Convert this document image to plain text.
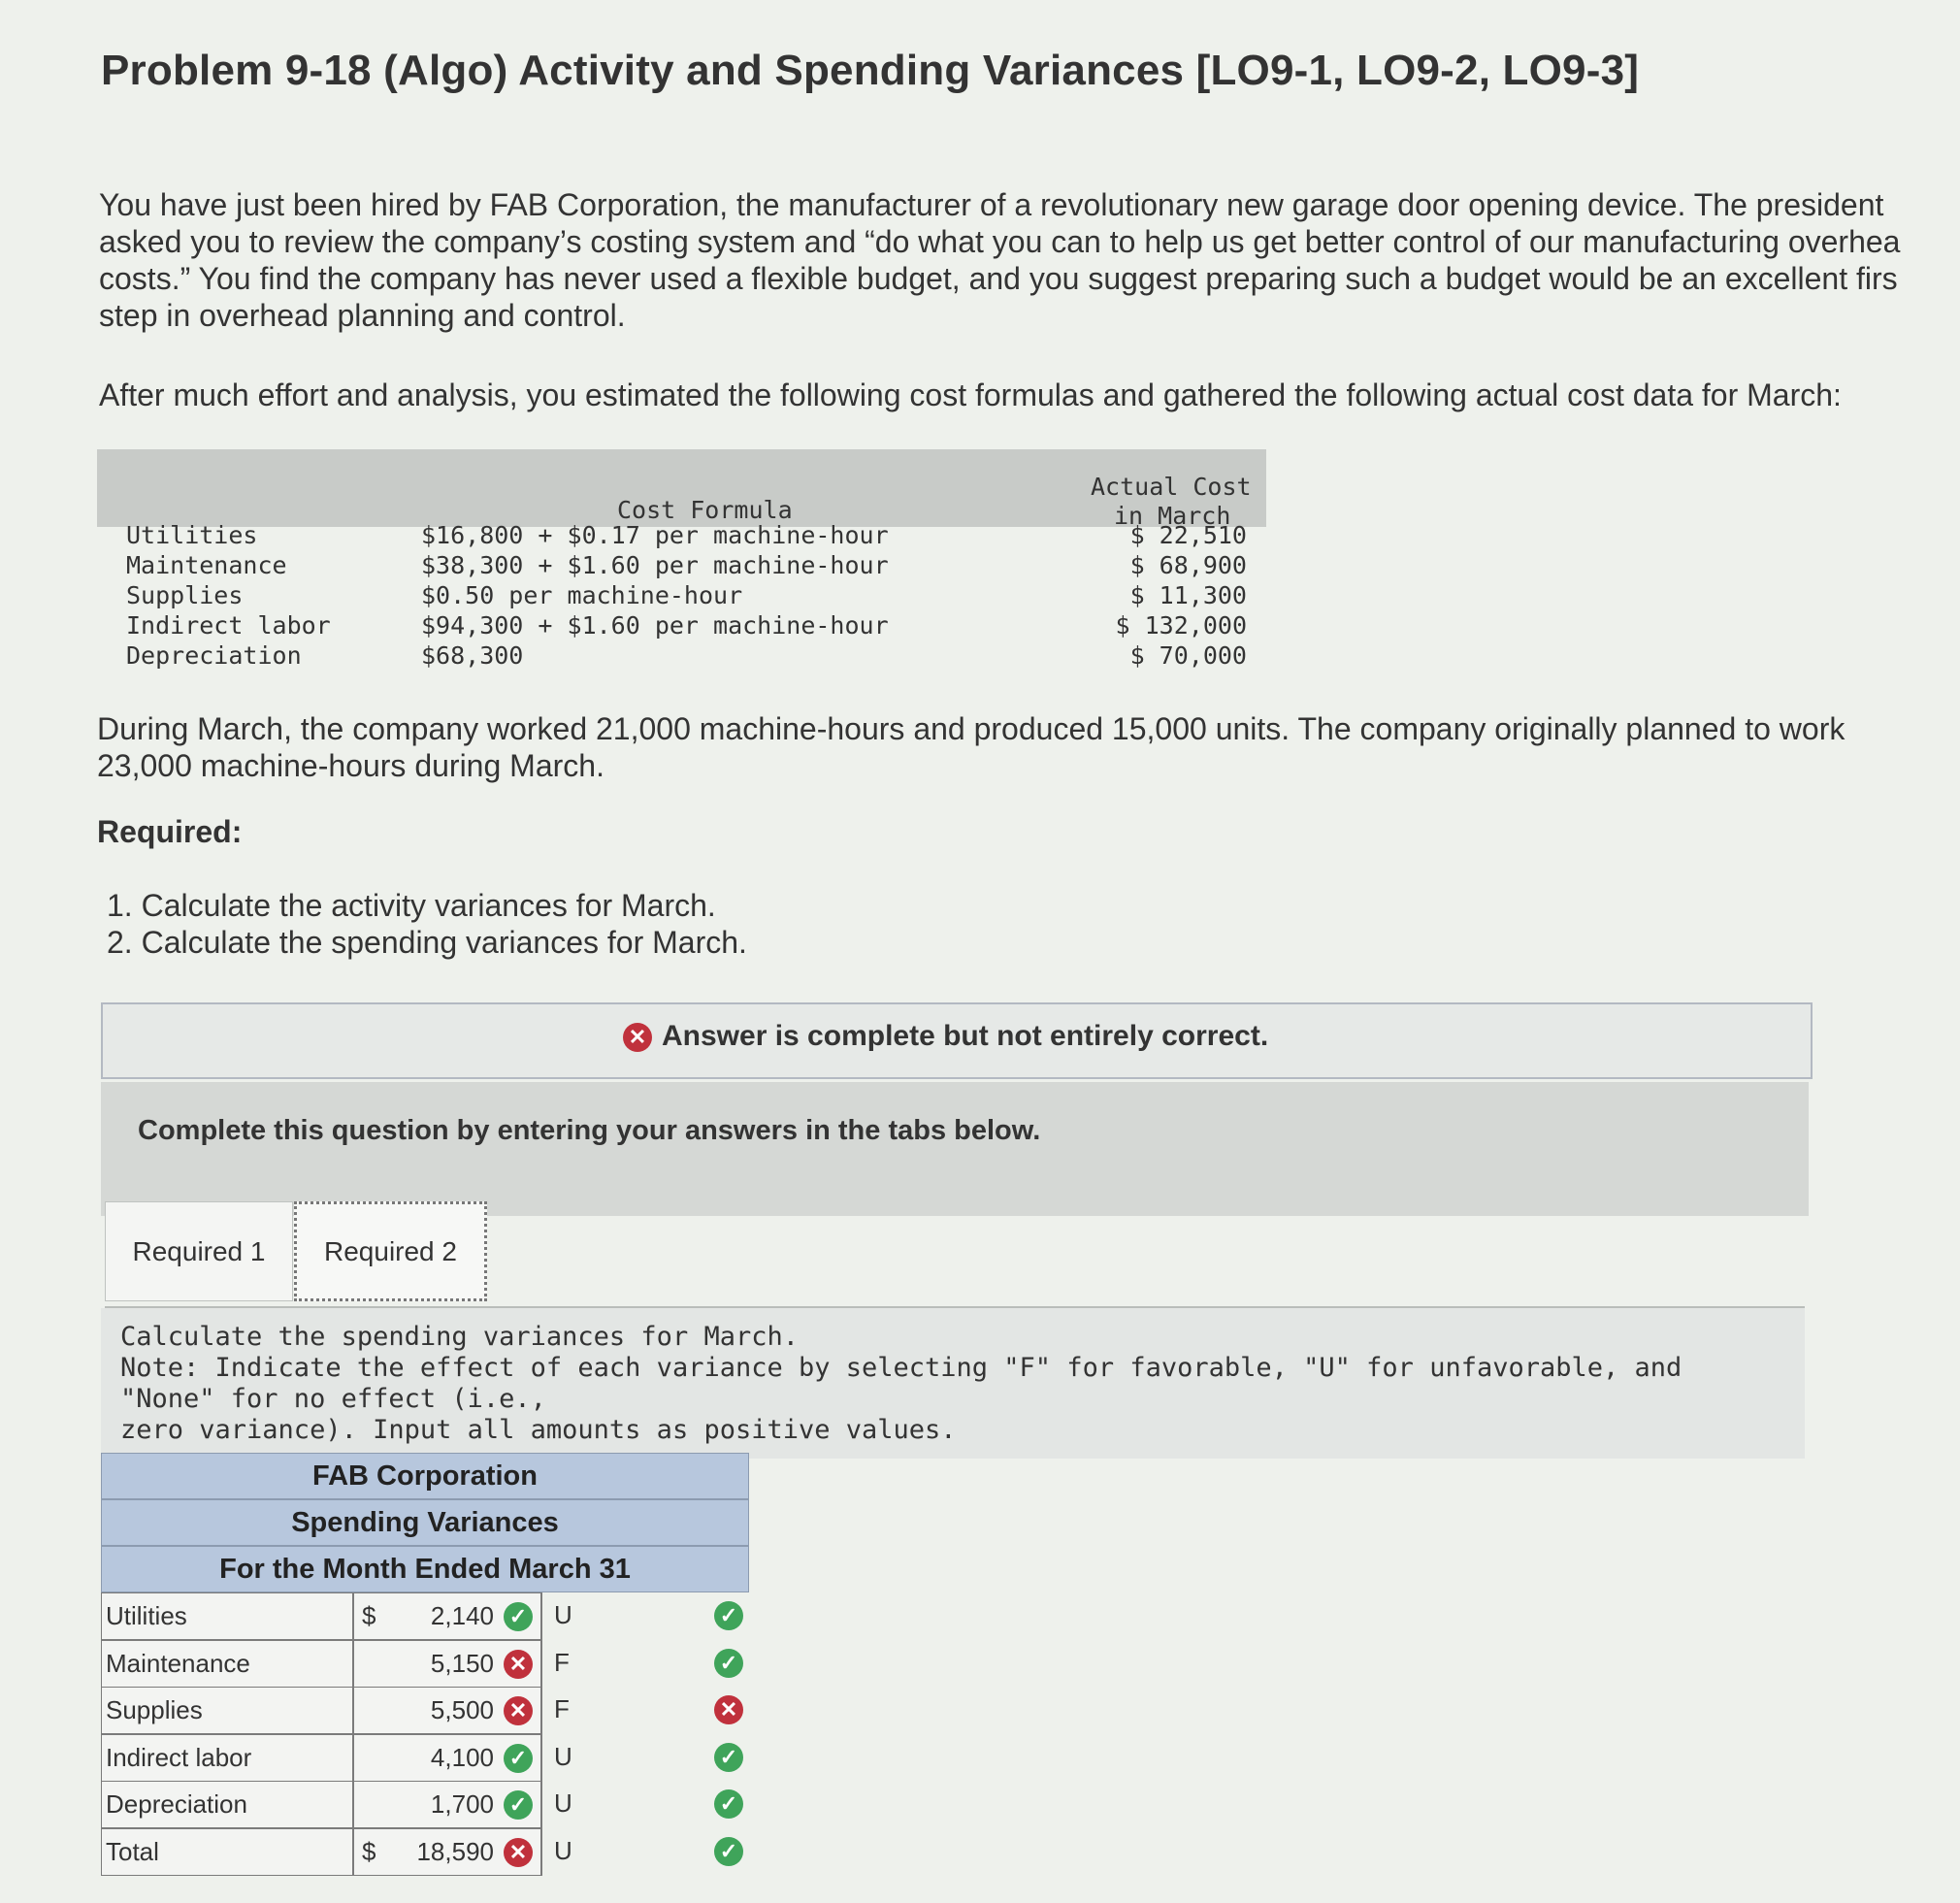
Problem 9-18 (Algo) Activity and Spending Variances [LO9-1, LO9-2, LO9-3]
You have just been hired by FAB Corporation, the manufacturer of a revolutionary new garage door opening device. The president
asked you to review the company’s costing system and “do what you can to help us get better control of our manufacturing overhea
costs.” You find the company has never used a flexible budget, and you suggest preparing such a budget would be an excellent firs
step in overhead planning and control.
After much effort and analysis, you estimated the following cost formulas and gathered the following actual cost data for March:
Cost Formula
Actual Cost
in March
Utilities	$16,800 + $0.17 per machine-hour	$ 22,510
Maintenance	$38,300 + $1.60 per machine-hour	$ 68,900
Supplies	$0.50 per machine-hour	$ 11,300
Indirect labor	$94,300 + $1.60 per machine-hour	$ 132,000
Depreciation	$68,300	$ 70,000
During March, the company worked 21,000 machine-hours and produced 15,000 units. The company originally planned to work
23,000 machine-hours during March.
Required:
1. Calculate the activity variances for March.
2. Calculate the spending variances for March.
✕ Answer is complete but not entirely correct.
Complete this question by entering your answers in the tabs below.
Required 1	Required 2
Calculate the spending variances for March.
Note: Indicate the effect of each variance by selecting "F" for favorable, "U" for unfavorable, and "None" for no effect (i.e.,
zero variance). Input all amounts as positive values.
FAB Corporation
Spending Variances
For the Month Ended March 31
Utilities	$ 2,140 ✓ U	✓
Maintenance	5,150 ✕ F	✓
Supplies	5,500 ✕ F	✕
Indirect labor	4,100 ✓ U	✓
Depreciation	1,700 ✓ U	✓
Total	$ 18,590 ✕ U	✓
